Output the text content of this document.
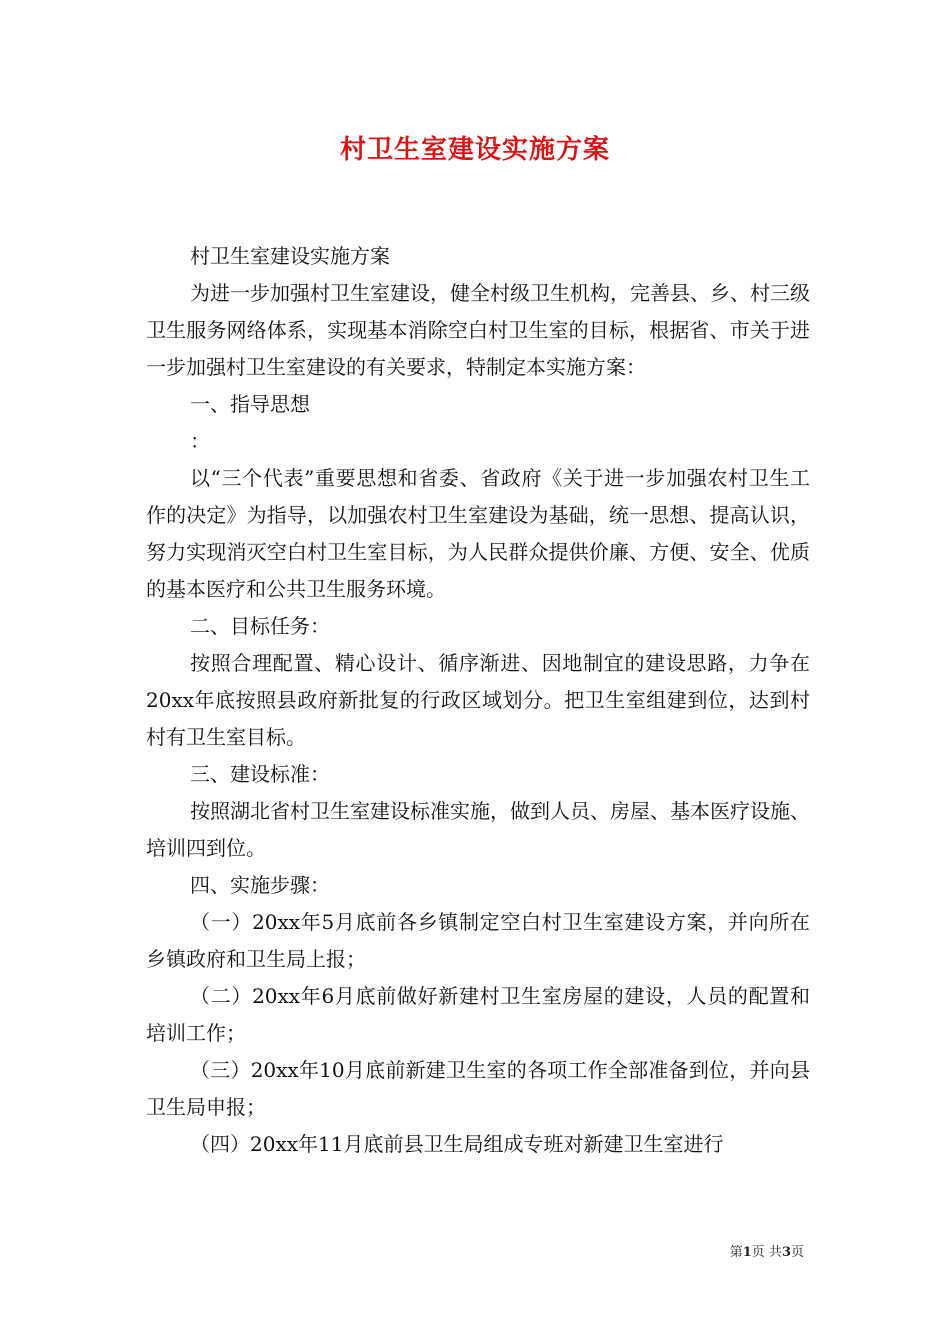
村卫生室建设实施方案

村卫生室建设实施方案

为进一步加强村卫生室建设，健全村级卫生机构，完善县、乡、村三级卫生服务网络体系，实现基本消除空白村卫生室的目标，根据省、市关于进一步加强村卫生室建设的有关要求，特制定本实施方案：

一、指导思想

：

以“三个代表”重要思想和省委、省政府《关于进一步加强农村卫生工作的决定》为指导，以加强农村卫生室建设为基础，统一思想、提高认识，努力实现消灭空白村卫生室目标，为人民群众提供价廉、方便、安全、优质的基本医疗和公共卫生服务环境。

二、目标任务：

按照合理配置、精心设计、循序渐进、因地制宜的建设思路，力争在20xx年底按照县政府新批复的行政区域划分。把卫生室组建到位，达到村村有卫生室目标。

三、建设标准：

按照湖北省村卫生室建设标准实施，做到人员、房屋、基本医疗设施、培训四到位。

四、实施步骤：

（一）20xx年5月底前各乡镇制定空白村卫生室建设方案，并向所在乡镇政府和卫生局上报；

（二）20xx年6月底前做好新建村卫生室房屋的建设，人员的配置和培训工作；

（三）20xx年10月底前新建卫生室的各项工作全部准备到位，并向县卫生局申报；

（四）20xx年11月底前县卫生局组成专班对新建卫生室进行

第1页 共3页
